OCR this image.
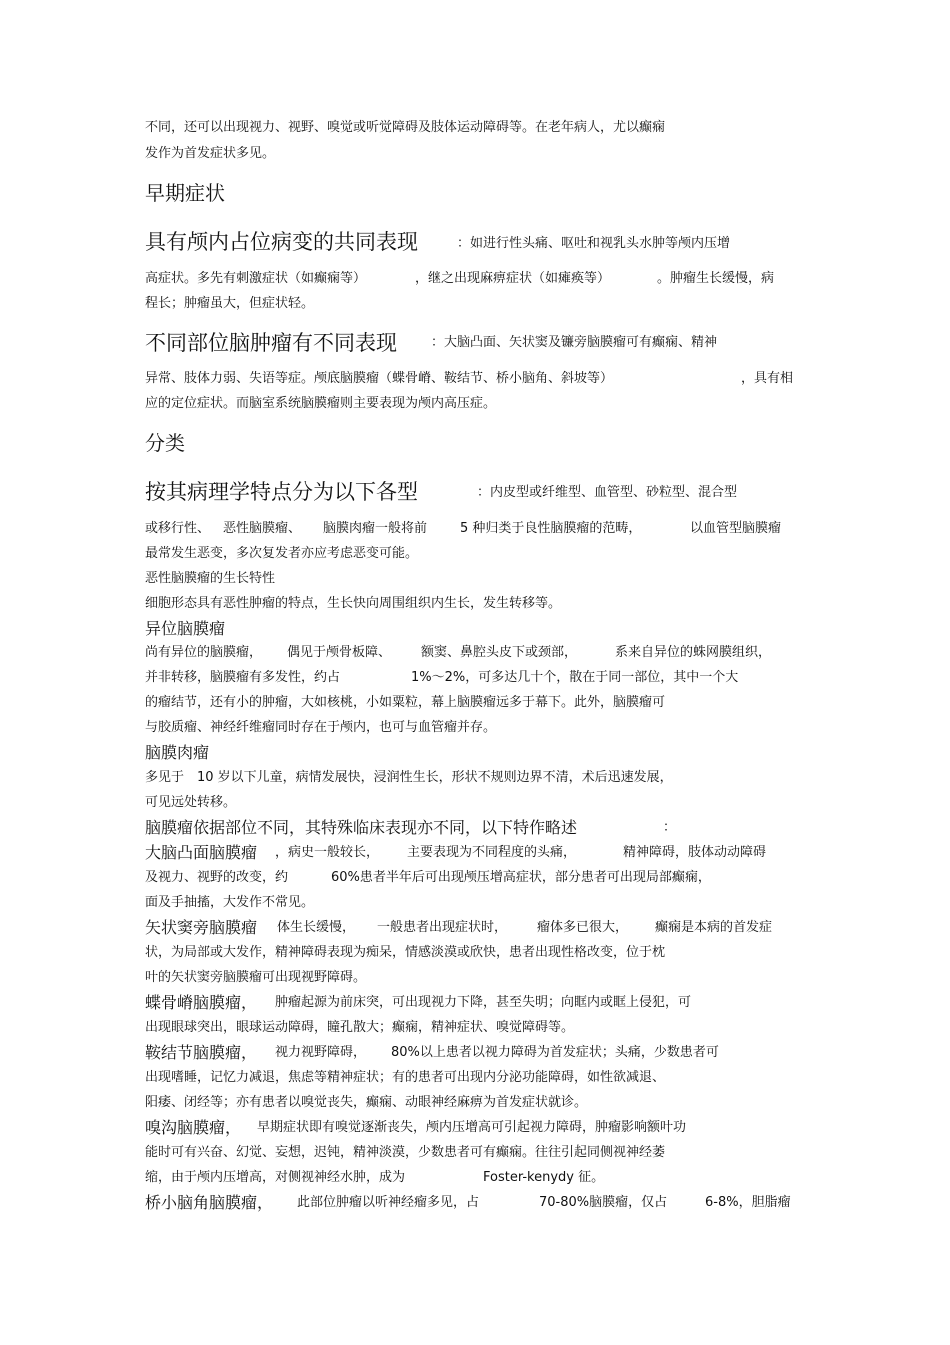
不同，还可以出现视力、视野、嗅觉或听觉障碍及肢体运动障碍等。在老年病人，尤以癫痫
发作为首发症状多见。
早期症状
具有颅内占位病变的共同表现	：如进行性头痛、呕吐和视乳头水肿等颅内压增
高症状。多先有刺激症状（如癫痫等）	，继之出现麻痹症状（如瘫痪等）	。肿瘤生长缓慢，病
程长；肿瘤虽大，但症状轻。
不同部位脑肿瘤有不同表现	：大脑凸面、矢状窦及镰旁脑膜瘤可有癫痫、精神
异常、肢体力弱、失语等症。颅底脑膜瘤（蝶骨嵴、鞍结节、桥小脑角、斜坡等）	，具有相
应的定位症状。而脑室系统脑膜瘤则主要表现为颅内高压症。
分类
按其病理学特点分为以下各型	：内皮型或纤维型、血管型、砂粒型、混合型
或移行性、 恶性脑膜瘤、 脑膜肉瘤一般将前	5 种归类于良性脑膜瘤的范畴，	以血管型脑膜瘤
最常发生恶变，多次复发者亦应考虑恶变可能。
恶性脑膜瘤的生长特性
细胞形态具有恶性肿瘤的特点，生长快向周围组织内生长，发生转移等。
异位脑膜瘤
尚有异位的脑膜瘤， 偶见于颅骨板障、 额窦、鼻腔头皮下或颈部，	系来自异位的蛛网膜组织，
并非转移，脑膜瘤有多发性，约占	1%～2%，可多达几十个，散在于同一部位，其中一个大
的瘤结节，还有小的肿瘤，大如核桃，小如粟粒，幕上脑膜瘤远多于幕下。此外，脑膜瘤可
与胶质瘤、神经纤维瘤同时存在于颅内，也可与血管瘤并存。
脑膜肉瘤
多见于 10 岁以下儿童，病情发展快，浸润性生长，形状不规则边界不清，术后迅速发展，
可见远处转移。
脑膜瘤依据部位不同，其特殊临床表现亦不同，以下特作略述	：
大脑凸面脑膜瘤 ，病史一般较长， 主要表现为不同程度的头痛，	精神障碍，肢体动动障碍
及视力、视野的改变，约	60%患者半年后可出现颅压增高症状，部分患者可出现局部癫痫，
面及手抽搐，大发作不常见。
矢状窦旁脑膜瘤 体生长缓慢， 一般患者出现症状时， 瘤体多已很大， 癫痫是本病的首发症
状，为局部或大发作，精神障碍表现为痴呆，情感淡漠或欣快，患者出现性格改变，位于枕
叶的矢状窦旁脑膜瘤可出现视野障碍。
蝶骨嵴脑膜瘤， 肿瘤起源为前床突，可出现视力下降，甚至失明；向眶内或眶上侵犯，可
出现眼球突出，眼球运动障碍，瞳孔散大；癫痫，精神症状、嗅觉障碍等。
鞍结节脑膜瘤， 视力视野障碍， 80%以上患者以视力障碍为首发症状；头痛，少数患者可
出现嗜睡，记忆力减退，焦虑等精神症状；有的患者可出现内分泌功能障碍，如性欲减退、
阳痿、闭经等；亦有患者以嗅觉丧失，癫痫、动眼神经麻痹为首发症状就诊。
嗅沟脑膜瘤， 早期症状即有嗅觉逐渐丧失，颅内压增高可引起视力障碍，肿瘤影响额叶功
能时可有兴奋、幻觉、妄想，迟钝，精神淡漠，少数患者可有癫痫。往往引起同侧视神经萎
缩，由于颅内压增高，对侧视神经水肿，成为	Foster-kenydy 征。
桥小脑角脑膜瘤， 此部位肿瘤以听神经瘤多见，占	70-80%脑膜瘤，仅占	6-8%，胆脂瘤
